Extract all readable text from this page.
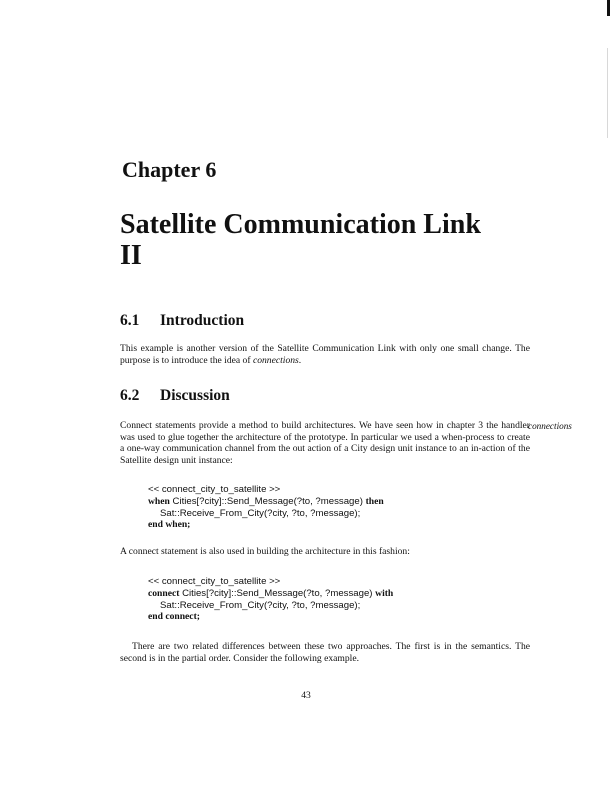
Chapter 6
Satellite Communication Link
II
6.1 Introduction

This example is another version of the Satellite Communication Link with only one small change. The purpose is to introduce the idea of connections.

6.2 Discussion

connections

Connect statements provide a method to build architectures. We have seen how in chapter 3 the handler was used to glue together the architecture of the prototype. In particular we used a when-process to create a one-way communication channel from the out action of a City design unit instance to an in-action of the Satellite design unit instance:

<< connect_city_to_satellite >>
when Cities[?city]::Send_Message(?to, ?message) then
Sat::Receive_From_City(?city, ?to, ?message);
end when;

A connect statement is also used in building the architecture in this fashion:

<< connect_city_to_satellite >>
connect Cities[?city]::Send_Message(?to, ?message) with
Sat::Receive_From_City(?city, ?to, ?message);
end connect;

There are two related differences between these two approaches. The first is in the semantics. The second is in the partial order. Consider the following example.

43
